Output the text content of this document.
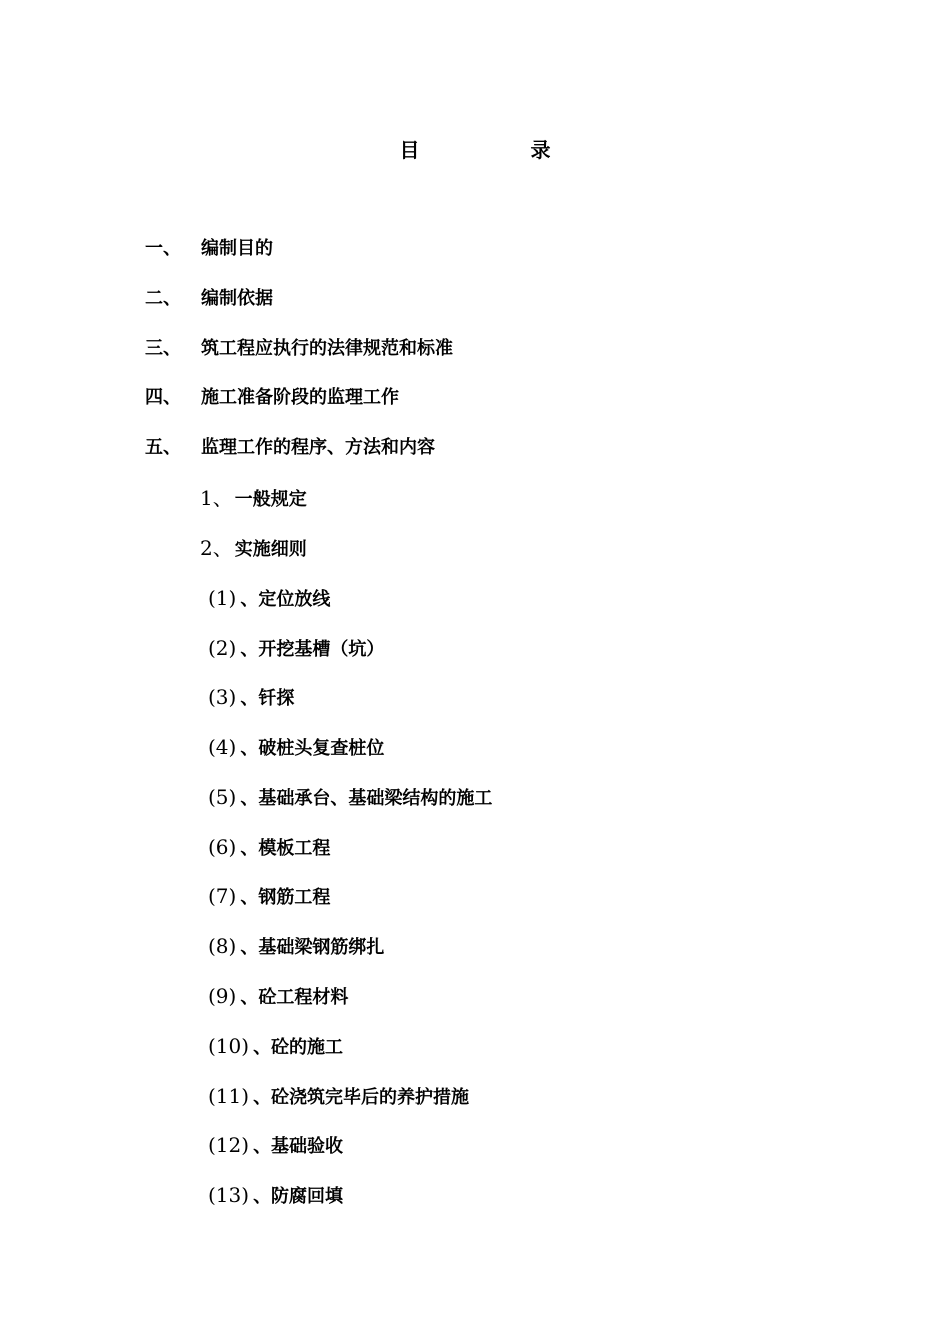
目 录
一、 编制目的
二、 编制依据
三、 筑工程应执行的法律规范和标准
四、 施工准备阶段的监理工作
五、 监理工作的程序、方法和内容
1、 一般规定
2、 实施细则
(1) 、定位放线
(2) 、开挖基槽（坑）
(3) 、钎探
(4) 、破桩头复查桩位
(5) 、基础承台、基础梁结构的施工
(6) 、模板工程
(7) 、钢筋工程
(8) 、基础梁钢筋绑扎
(9) 、砼工程材料
(10) 、砼的施工
(11) 、砼浇筑完毕后的养护措施
(12) 、基础验收
(13) 、防腐回填
